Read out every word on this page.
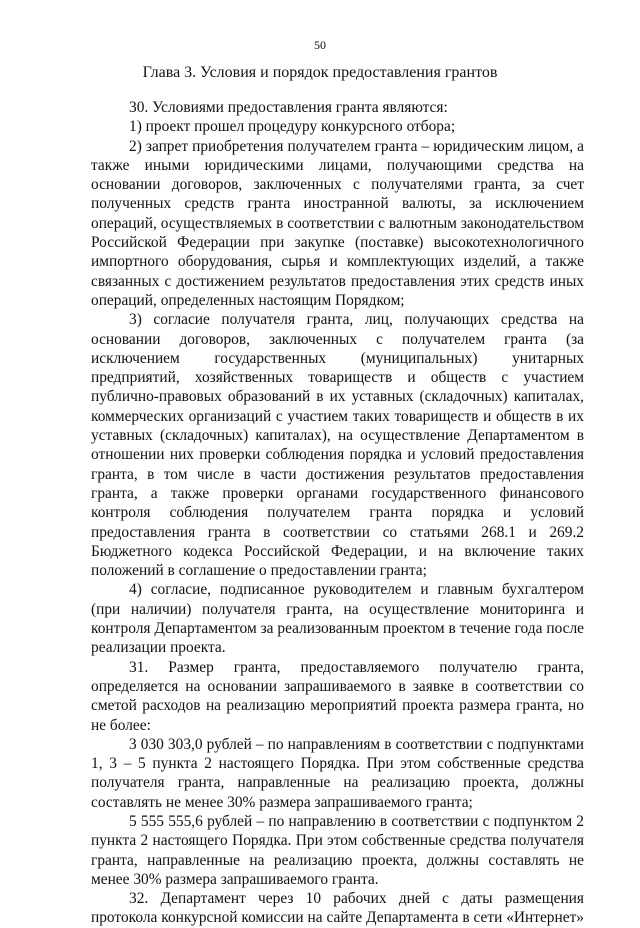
50
Глава 3. Условия и порядок предоставления грантов

30. Условиями предоставления гранта являются:

1) проект прошел процедуру конкурсного отбора;

2) запрет приобретения получателем гранта – юридическим лицом, а также иными юридическими лицами, получающими средства на основании договоров, заключенных с получателями гранта, за счет полученных средств гранта иностранной валюты, за исключением операций, осуществляемых в соответствии с валютным законодательством Российской Федерации при закупке (поставке) высокотехнологичного импортного оборудования, сырья и комплектующих изделий, а также связанных с достижением результатов предоставления этих средств иных операций, определенных настоящим Порядком;

3) согласие получателя гранта, лиц, получающих средства на основании договоров, заключенных с получателем гранта (за исключением государственных (муниципальных) унитарных предприятий, хозяйственных товариществ и обществ с участием публично-правовых образований в их уставных (складочных) капиталах, коммерческих организаций с участием таких товариществ и обществ в их уставных (складочных) капиталах), на осуществление Департаментом в отношении них проверки соблюдения порядка и условий предоставления гранта, в том числе в части достижения результатов предоставления гранта, а также проверки органами государственного финансового контроля соблюдения получателем гранта порядка и условий предоставления гранта в соответствии со статьями 268.1 и 269.2 Бюджетного кодекса Российской Федерации, и на включение таких положений в соглашение о предоставлении гранта;

4) согласие, подписанное руководителем и главным бухгалтером (при наличии) получателя гранта, на осуществление мониторинга и контроля Департаментом за реализованным проектом в течение года после реализации проекта.

31. Размер гранта, предоставляемого получателю гранта, определяется на основании запрашиваемого в заявке в соответствии со сметой расходов на реализацию мероприятий проекта размера гранта, но не более:

3 030 303,0 рублей – по направлениям в соответствии с подпунктами 1, 3 – 5 пункта 2 настоящего Порядка. При этом собственные средства получателя гранта, направленные на реализацию проекта, должны составлять не менее 30% размера запрашиваемого гранта;

5 555 555,6 рублей – по направлению в соответствии с подпунктом 2 пункта 2 настоящего Порядка. При этом собственные средства получателя гранта, направленные на реализацию проекта, должны составлять не менее 30% размера запрашиваемого гранта.

32. Департамент через 10 рабочих дней с даты размещения протокола конкурсной комиссии на сайте Департамента в сети «Интернет»
